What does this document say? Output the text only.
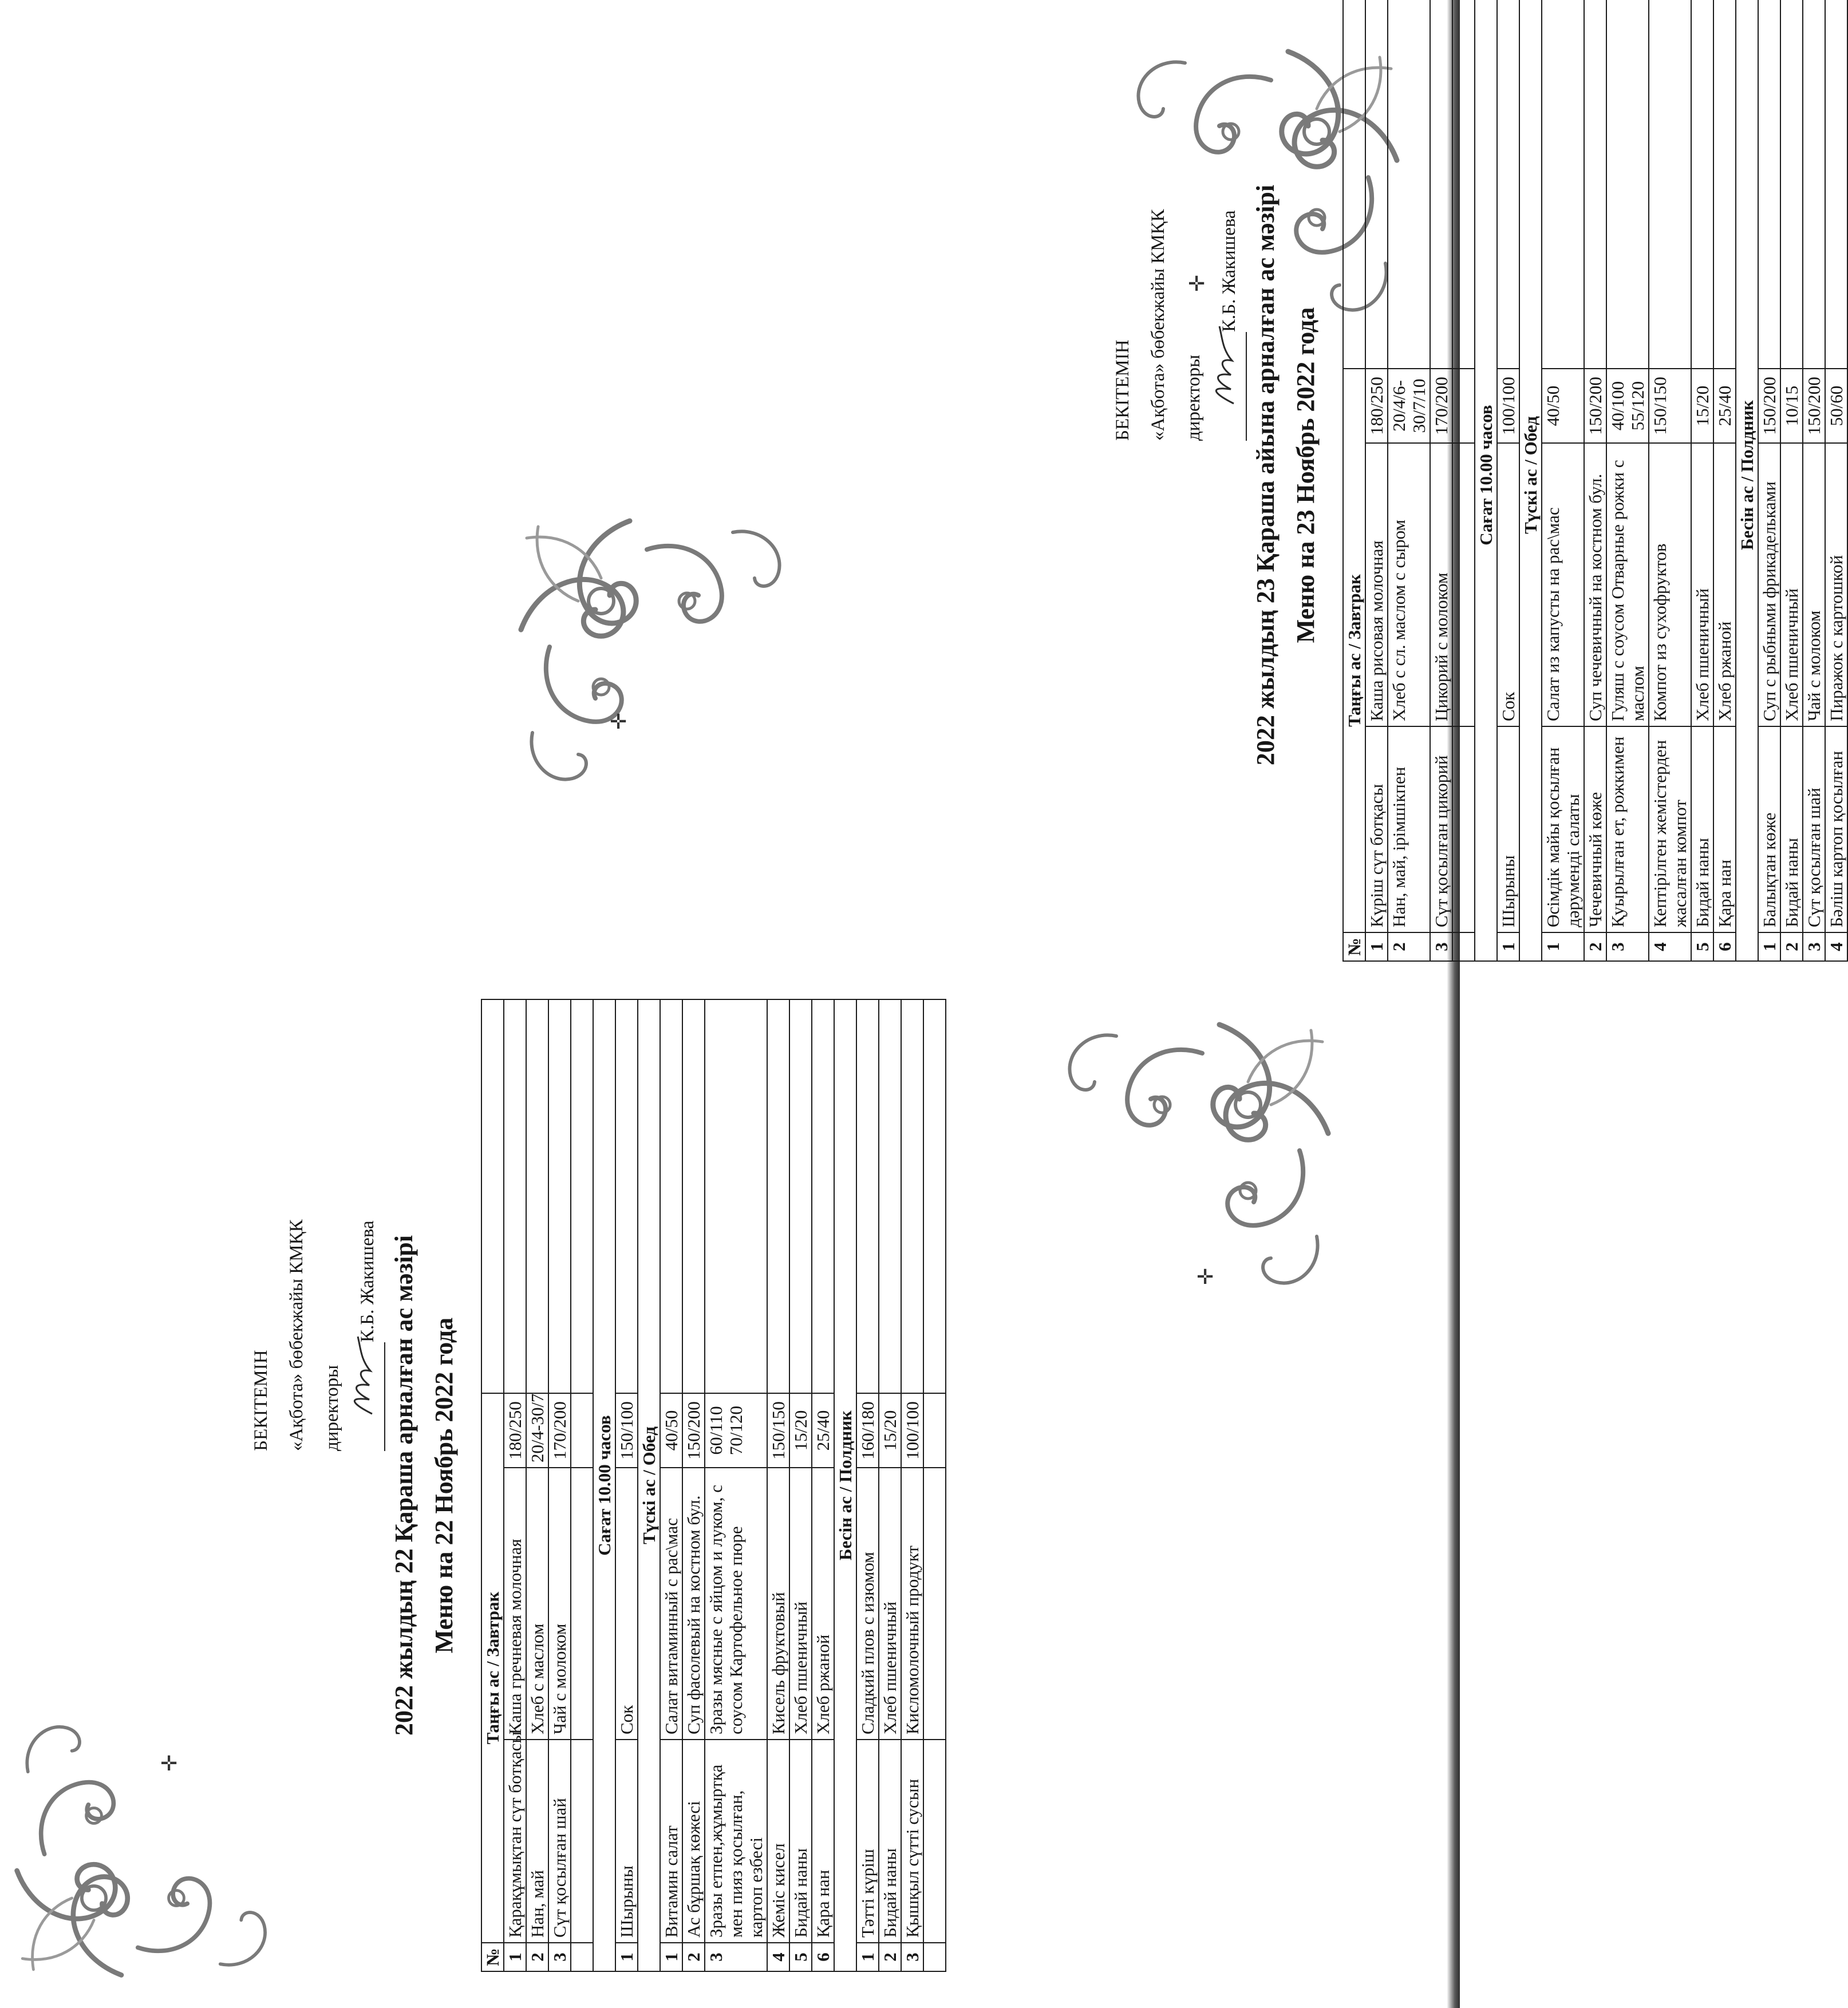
✛
✛
✛
✛
БЕКІТЕМІН «Ақбота» бөбекжайы КМҚК директоры
К.Б. Жакишева 2022 жылдың 22 Қараша арналған ас мәзірі Меню на 22 Ноябрь 2022 года
№	Таңғы ас / Завтрак			
1	Қарақұмықтан сүт ботқасы	Каша гречневая молочная	180/250	
2	Нан, май	Хлеб с маслом	20/4-30/7	
3	Сүт қосылған шай	Чай с молоком	170/200	

Сағат 10.00 часов				
1	Шырыны	Сок	150/100	
Түскі ас / Обед				
1	Витамин салат	Салат витаминный с рас\мас	40/50	
2	Ас бұршақ көжесі	Суп фасолевый на костном бул.	150/200	
3	Зразы етпен,жұмыртқа мен пияз қосылған, картоп езбесі	Зразы мясные с яйцом и луком, с соусом Картофельное пюре	60/110 70/120	
4	Жеміс кисел	Кисель фруктовый	150/150	
5	Бидай наны	Хлеб пшеничный	15/20	
6	Қара нан	Хлеб ржаной	25/40	
Бесін ас / Полдник				
1	Тәтті күріш	Сладкий плов с изюмом	160/180	
2	Бидай наны	Хлеб пшеничный	15/20	
3	Қышқыл сүтті сусын	Кисломолочный продукт	100/100	

БЕКІТЕМІН «Ақбота» бөбекжайы КМҚК директоры
К.Б. Жакишева 2022 жылдың 23 Қараша айына арналған ас мәзірі Меню на 23 Ноябрь 2022 года
№	Таңғы ас / Завтрак			
1	Күріш сүт ботқасы	Каша рисовая молочная	180/250	
2	Нан, май, ірімшікпен	Хлеб с сл. маслом с сыром	20/4/6- 30/7/10	
3	Сүт қосылған цикорий	Цикорий с молоком	170/200	

Сағат 10.00 часов				
1	Шырыны	Сок	100/100	
Түскі ас / Обед				
1	Өсімдік майы қосылған дәрумендi салаты	Салат из капусты на рас\мас	40/50	
2	Чечевичный көже	Суп чечевичный на костном бул.	150/200	
3	Қуырылған ет, рожкимен	Гуляш с соусом Отварные рожки с маслом	40/100 55/120	
4	Кептірілген жемістерден жасалған компот	Компот из сухофруктов	150/150	
5	Бидай наны	Хлеб пшеничный	15/20	
6	Қара нан	Хлеб ржаной	25/40	
Бесін ас / Полдник				
1	Балықтан көже	Суп с рыбными фрикадельками	150/200	
2	Бидай наны	Хлеб пшеничный	10/15	
3	Сүт қосылған шай	Чай с молоком	150/200	
4	Бәліш картоп қосылған	Пиражок с картошкой	50/60	
